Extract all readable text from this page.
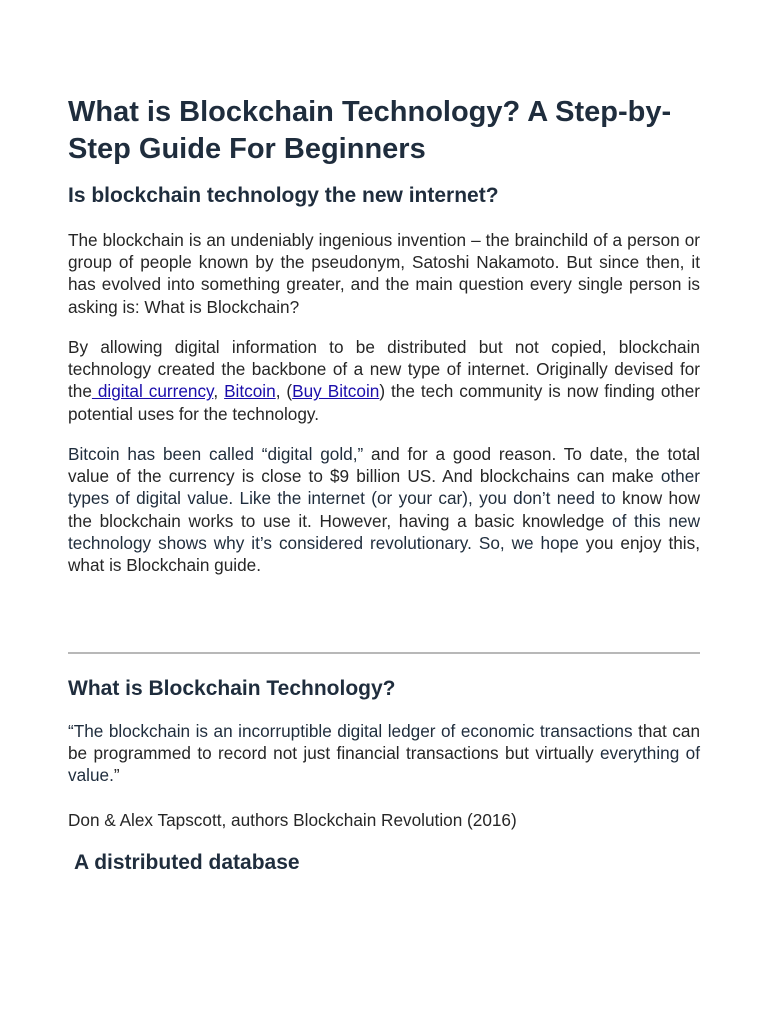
What is Blockchain Technology? A Step-by-Step Guide For Beginners
Is blockchain technology the new internet?

The blockchain is an undeniably ingenious invention – the brainchild of a person or group of people known by the pseudonym, Satoshi Nakamoto. But since then, it has evolved into something greater, and the main question every single person is asking is: What is Blockchain?

By allowing digital information to be distributed but not copied, blockchain technology created the backbone of a new type of internet. Originally devised for the digital currency, Bitcoin, (Buy Bitcoin) the tech community is now finding other potential uses for the technology.

Bitcoin has been called “digital gold,” and for a good reason. To date, the total value of the currency is close to $9 billion US. And blockchains can make other types of digital value. Like the internet (or your car), you don’t need to know how the blockchain works to use it. However, having a basic knowledge of this new technology shows why it’s considered revolutionary. So, we hope you enjoy this, what is Blockchain guide.

What is Blockchain Technology?

“The blockchain is an incorruptible digital ledger of economic transactions that can be programmed to record not just financial transactions but virtually everything of value.”

Don & Alex Tapscott, authors Blockchain Revolution (2016)

A distributed database
